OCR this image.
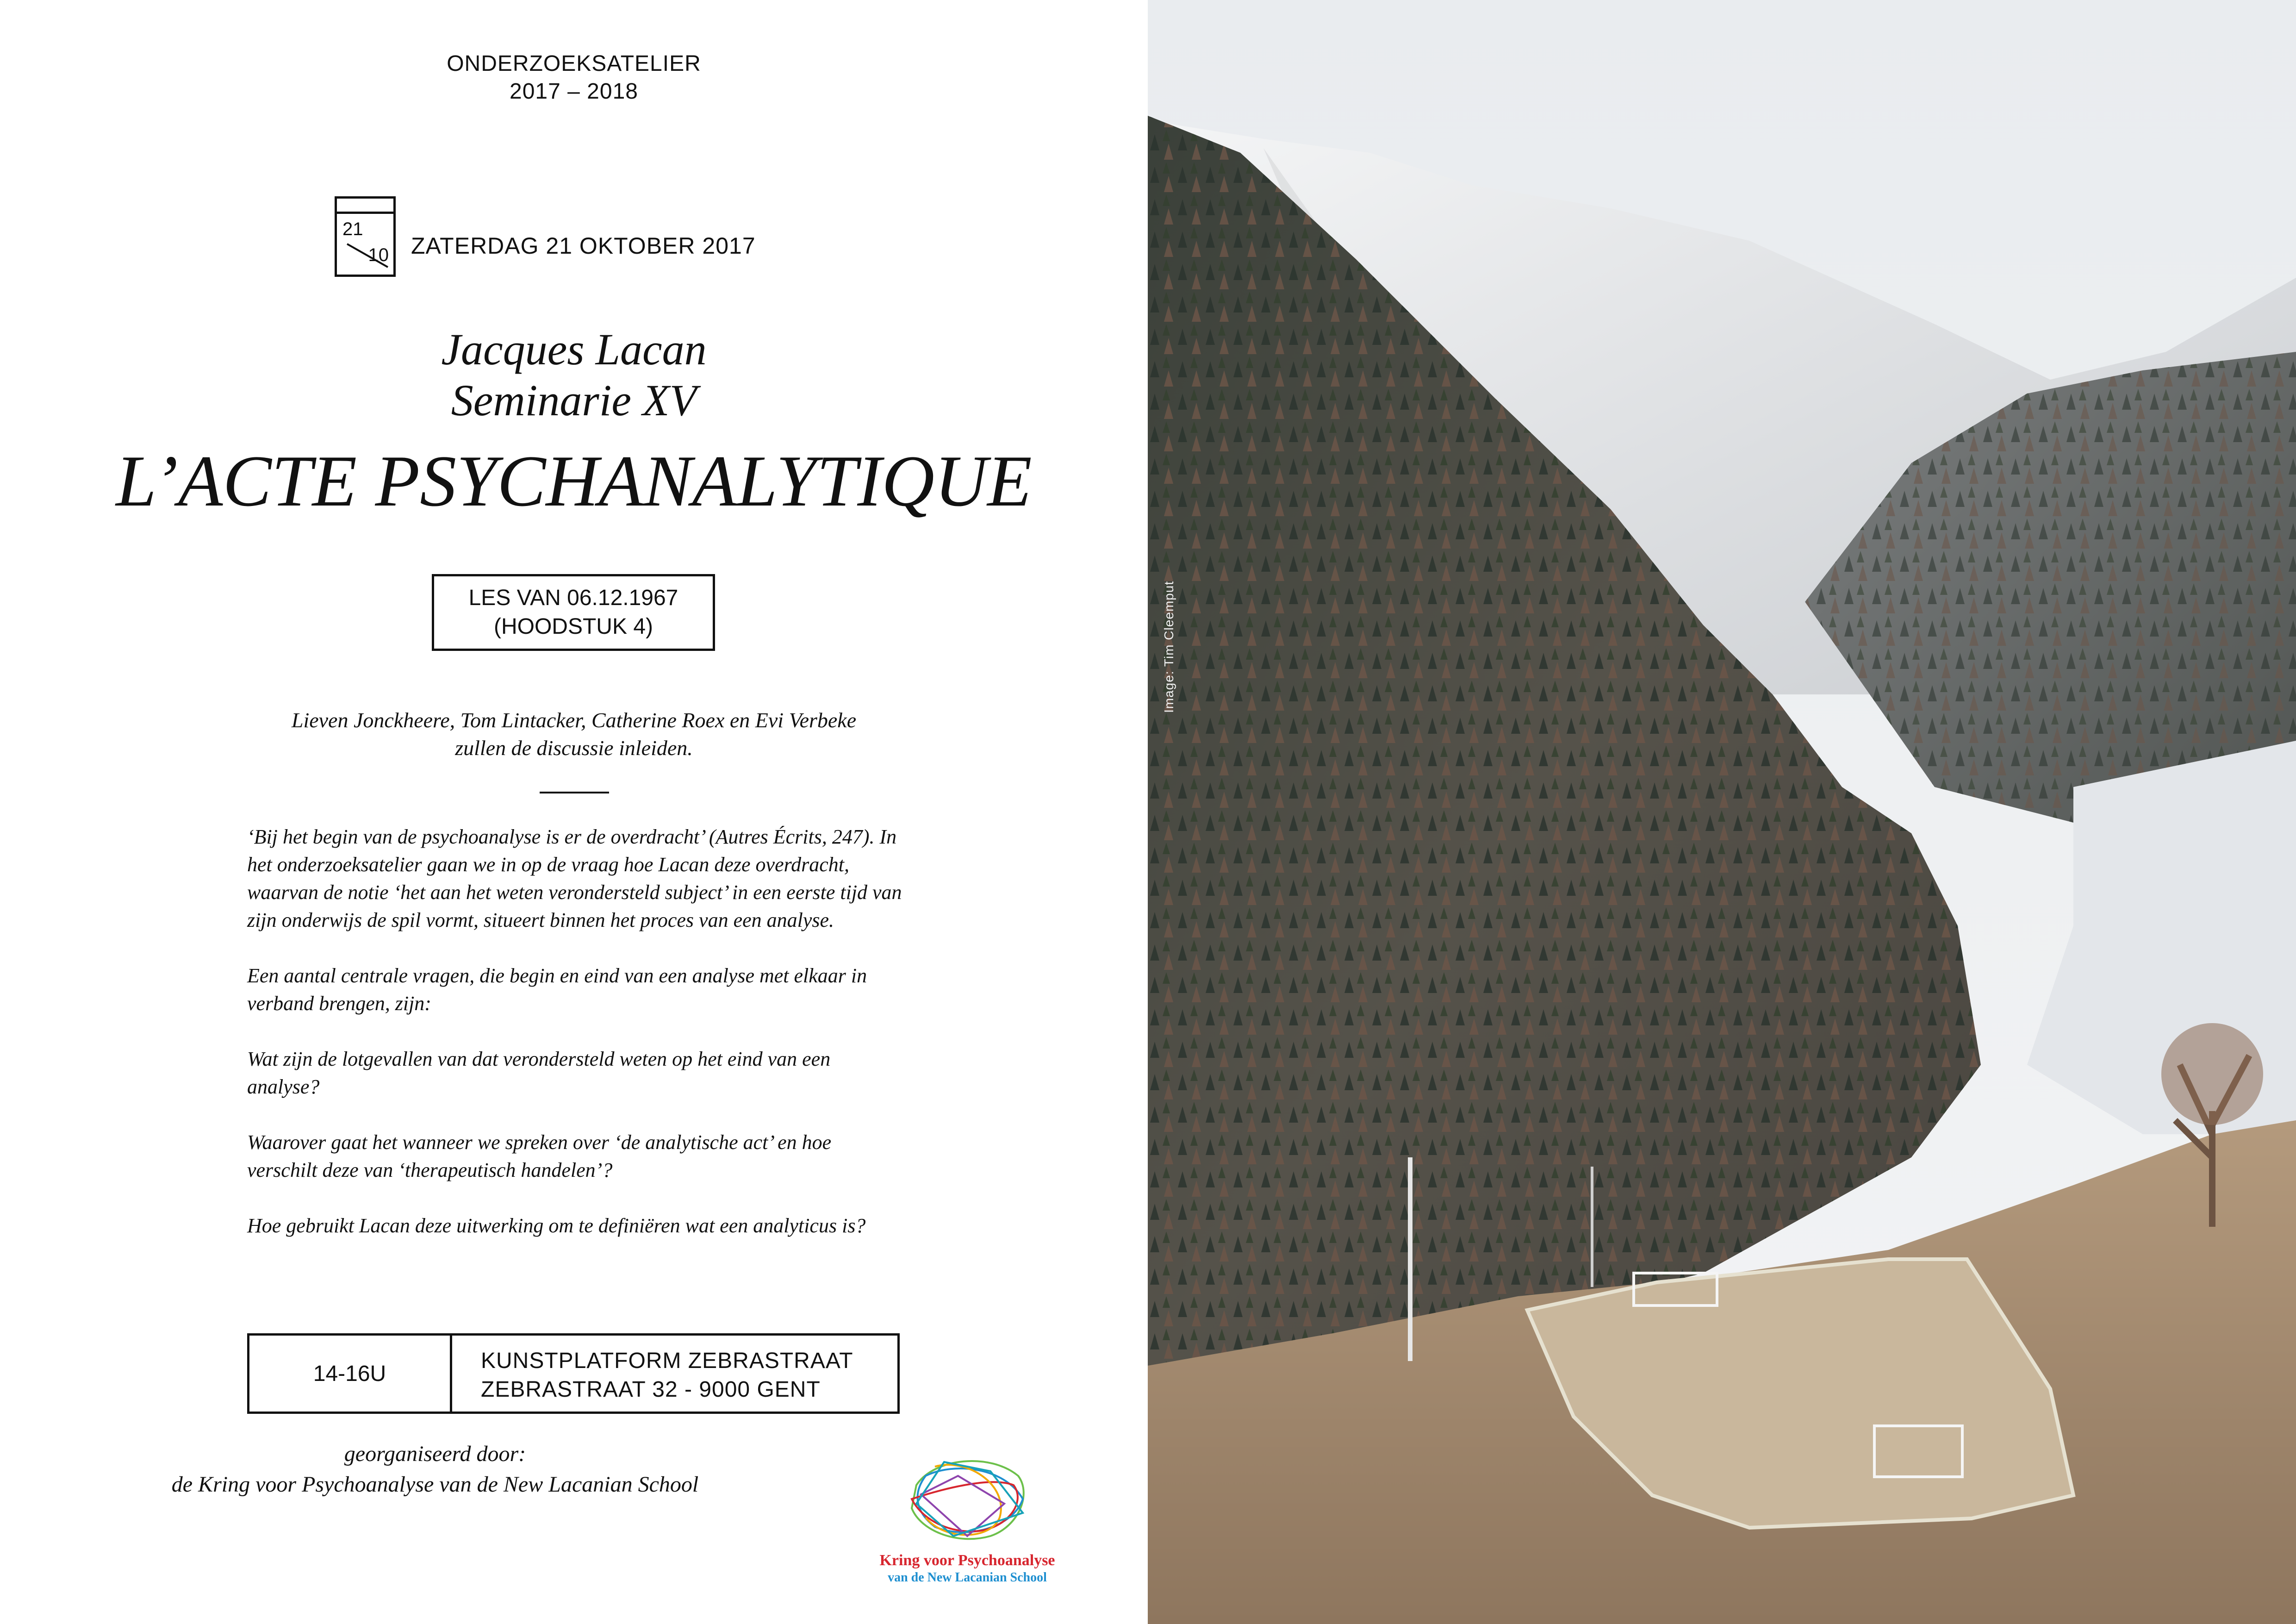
ONDERZOEKSATELIER
2017 – 2018
21
10 ZATERDAG 21 OKTOBER 2017
Jacques Lacan
Seminarie XV
L’ACTE PSYCHANALYTIQUE
LES VAN 06.12.1967
(HOODSTUK 4)
Lieven Jonckheere, Tom Lintacker, Catherine Roex en Evi Verbeke
zullen de discussie inleiden.

‘Bij het begin van de psychoanalyse is er de overdracht’ (Autres Écrits, 247). In het onderzoeksatelier gaan we in op de vraag hoe Lacan deze overdracht, waarvan de notie ‘het aan het weten verondersteld subject’ in een eerste tijd van zijn onderwijs de spil vormt, situeert binnen het proces van een analyse.

Een aantal centrale vragen, die begin en eind van een analyse met elkaar in verband brengen, zijn:

Wat zijn de lotgevallen van dat verondersteld weten op het eind van een analyse?

Waarover gaat het wanneer we spreken over ‘de analytische act’ en hoe verschilt deze van ‘therapeutisch handelen’?

Hoe gebruikt Lacan deze uitwerking om te definiëren wat een analyticus is?

14-16U
KUNSTPLATFORM ZEBRASTRAAT
ZEBRASTRAAT 32 - 9000 GENT
georganiseerd door:
de Kring voor Psychoanalyse van de New Lacanian School
Kring voor Psychoanalyse
van de New Lacanian School
Image: Tim Cleemput
